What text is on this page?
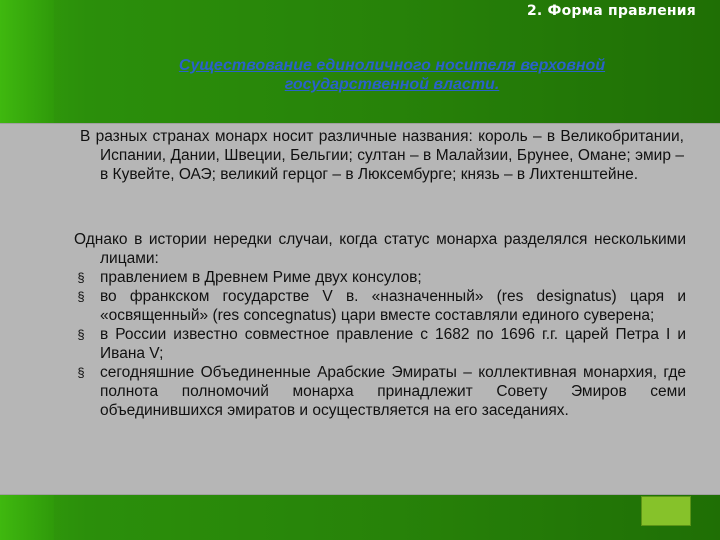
2. Форма правления
Существование единоличного носителя верховной государственной власти.
В разных странах монарх носит различные названия: король – в Великобритании, Испании, Дании, Швеции, Бельгии; султан – в Малайзии, Брунее, Омане; эмир – в Кувейте, ОАЭ; великий герцог – в Люксембурге; князь – в Лихтенштейне.
Однако в истории нередки случаи, когда статус монарха разделялся несколькими лицами:
§ правлением в Древнем Риме двух консулов;
§ во франкском государстве V в. «назначенный» (res designatus) царя и «освященный» (res concegnatus) цари вместе составляли единого суверена;
§ в России известно совместное правление с 1682 по 1696 г.г. царей Петра I и Ивана V;
§ сегодняшние Объединенные Арабские Эмираты – коллективная монархия, где полнота полномочий монарха принадлежит Совету Эмиров семи объединившихся эмиратов и осуществляется на его заседаниях.
